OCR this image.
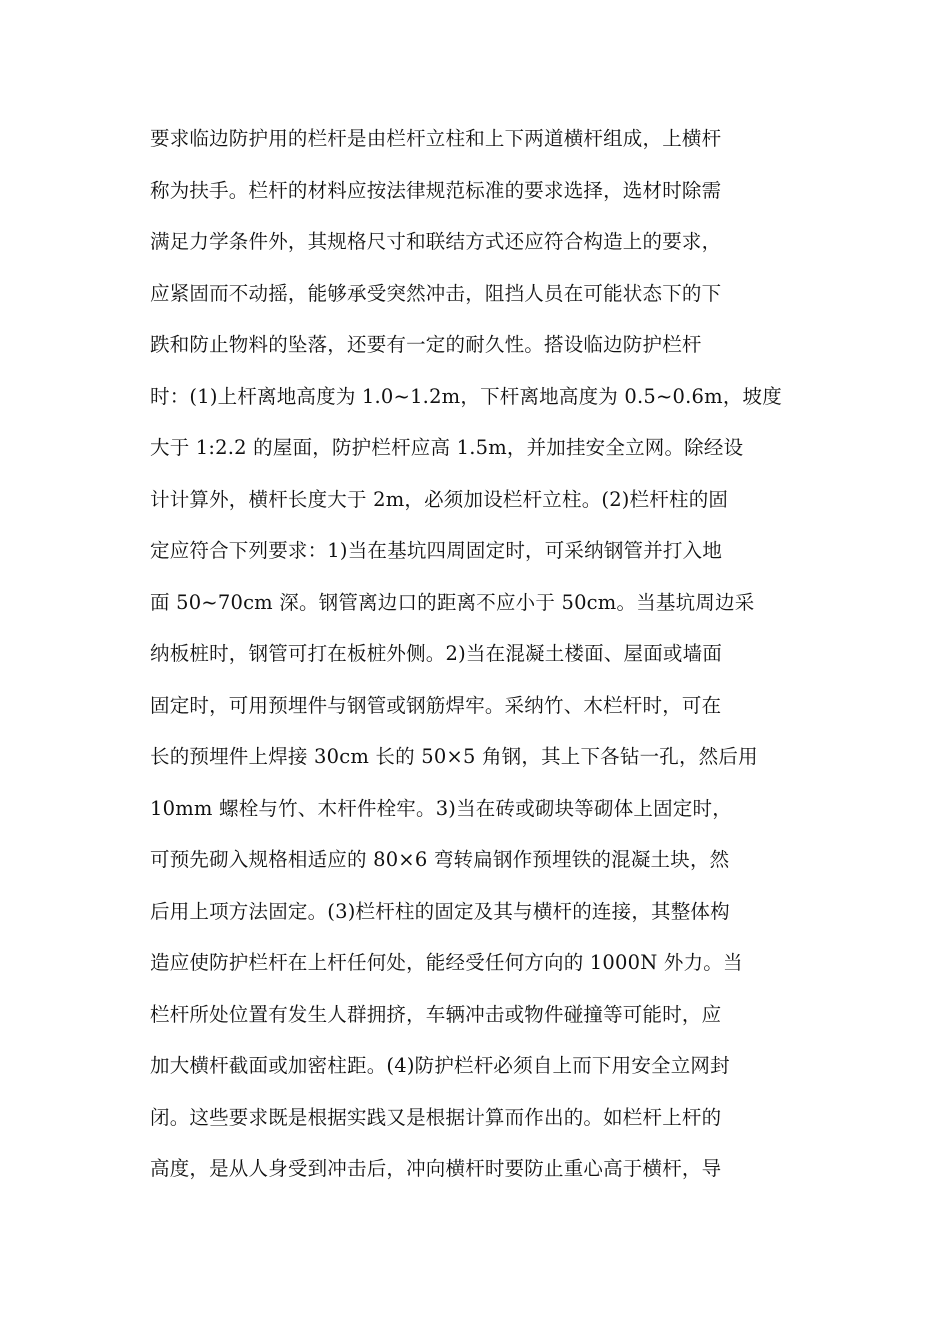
要求临边防护用的栏杆是由栏杆立柱和上下两道横杆组成，上横杆
称为扶手。栏杆的材料应按法律规范标准的要求选择，选材时除需
满足力学条件外，其规格尺寸和联结方式还应符合构造上的要求，
应紧固而不动摇，能够承受突然冲击，阻挡人员在可能状态下的下
跌和防止物料的坠落，还要有一定的耐久性。搭设临边防护栏杆
时：(1)上杆离地高度为 1.0~1.2m，下杆离地高度为 0.5~0.6m，坡度
大于 1:2.2 的屋面，防护栏杆应高 1.5m，并加挂安全立网。除经设
计计算外，横杆长度大于 2m，必须加设栏杆立柱。(2)栏杆柱的固
定应符合下列要求：1)当在基坑四周固定时，可采纳钢管并打入地
面 50~70cm 深。钢管离边口的距离不应小于 50cm。当基坑周边采
纳板桩时，钢管可打在板桩外侧。2)当在混凝土楼面、屋面或墙面
固定时，可用预埋件与钢管或钢筋焊牢。采纳竹、木栏杆时，可在
长的预埋件上焊接 30cm 长的 50×5 角钢，其上下各钻一孔，然后用
10mm 螺栓与竹、木杆件栓牢。3)当在砖或砌块等砌体上固定时，
可预先砌入规格相适应的 80×6 弯转扁钢作预埋铁的混凝土块，然
后用上项方法固定。(3)栏杆柱的固定及其与横杆的连接，其整体构
造应使防护栏杆在上杆任何处，能经受任何方向的 1000N 外力。当
栏杆所处位置有发生人群拥挤，车辆冲击或物件碰撞等可能时，应
加大横杆截面或加密柱距。(4)防护栏杆必须自上而下用安全立网封
闭。这些要求既是根据实践又是根据计算而作出的。如栏杆上杆的
高度，是从人身受到冲击后，冲向横杆时要防止重心高于横杆，导
